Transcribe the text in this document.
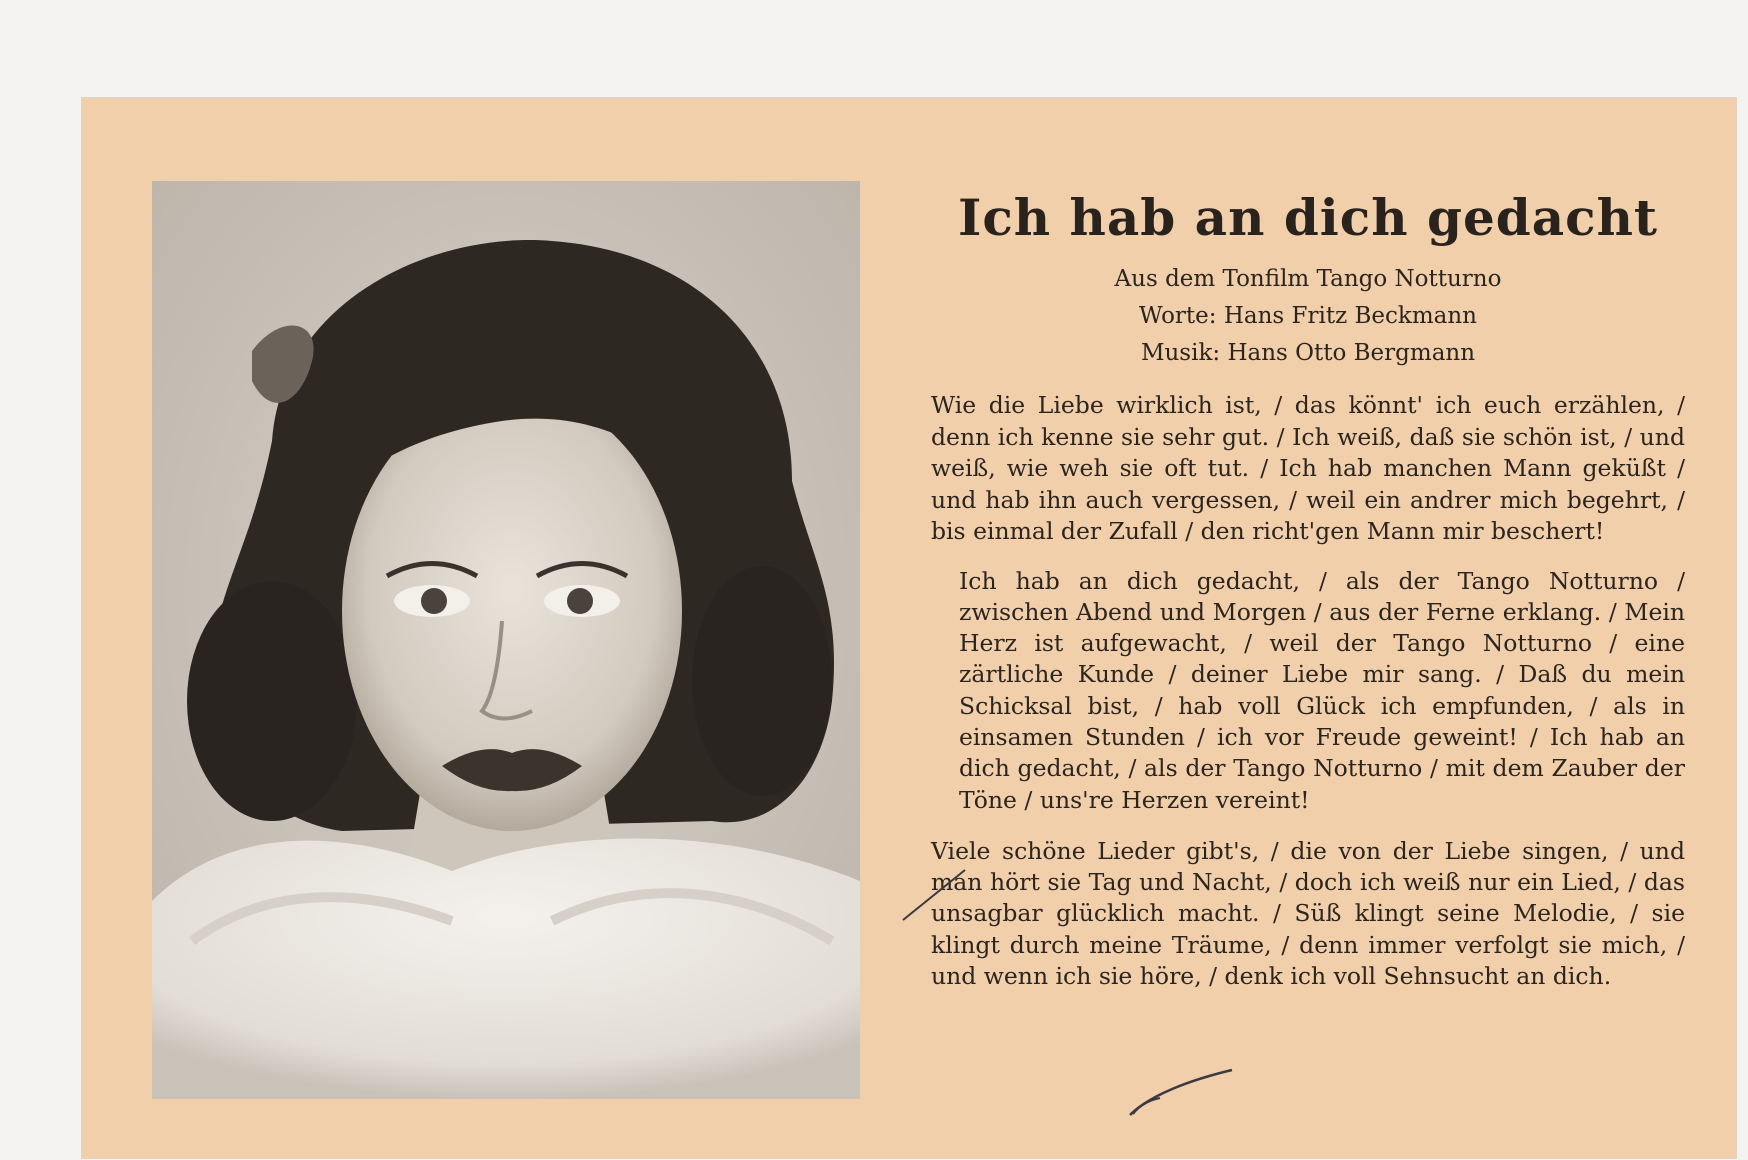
Ich hab an dich gedacht
Aus dem Tonfilm Tango Notturno
Worte: Hans Fritz Beckmann
Musik: Hans Otto Bergmann

Wie die Liebe wirklich ist, / das könnt' ich euch erzählen, / denn ich kenne sie sehr gut. / Ich weiß, daß sie schön ist, / und weiß, wie weh sie oft tut. / Ich hab manchen Mann geküßt / und hab ihn auch vergessen, / weil ein andrer mich begehrt, / bis einmal der Zufall / den richt'gen Mann mir beschert!

Ich hab an dich gedacht, / als der Tango Notturno / zwischen Abend und Morgen / aus der Ferne erklang. / Mein Herz ist aufgewacht, / weil der Tango Notturno / eine zärtliche Kunde / deiner Liebe mir sang. / Daß du mein Schicksal bist, / hab voll Glück ich empfunden, / als in einsamen Stunden / ich vor Freude geweint! / Ich hab an dich gedacht, / als der Tango Notturno / mit dem Zauber der Töne / uns're Herzen vereint!

Viele schöne Lieder gibt's, / die von der Liebe singen, / und man hört sie Tag und Nacht, / doch ich weiß nur ein Lied, / das unsagbar glücklich macht. / Süß klingt seine Melodie, / sie klingt durch meine Träume, / denn immer verfolgt sie mich, / und wenn ich sie höre, / denk ich voll Sehnsucht an dich.
